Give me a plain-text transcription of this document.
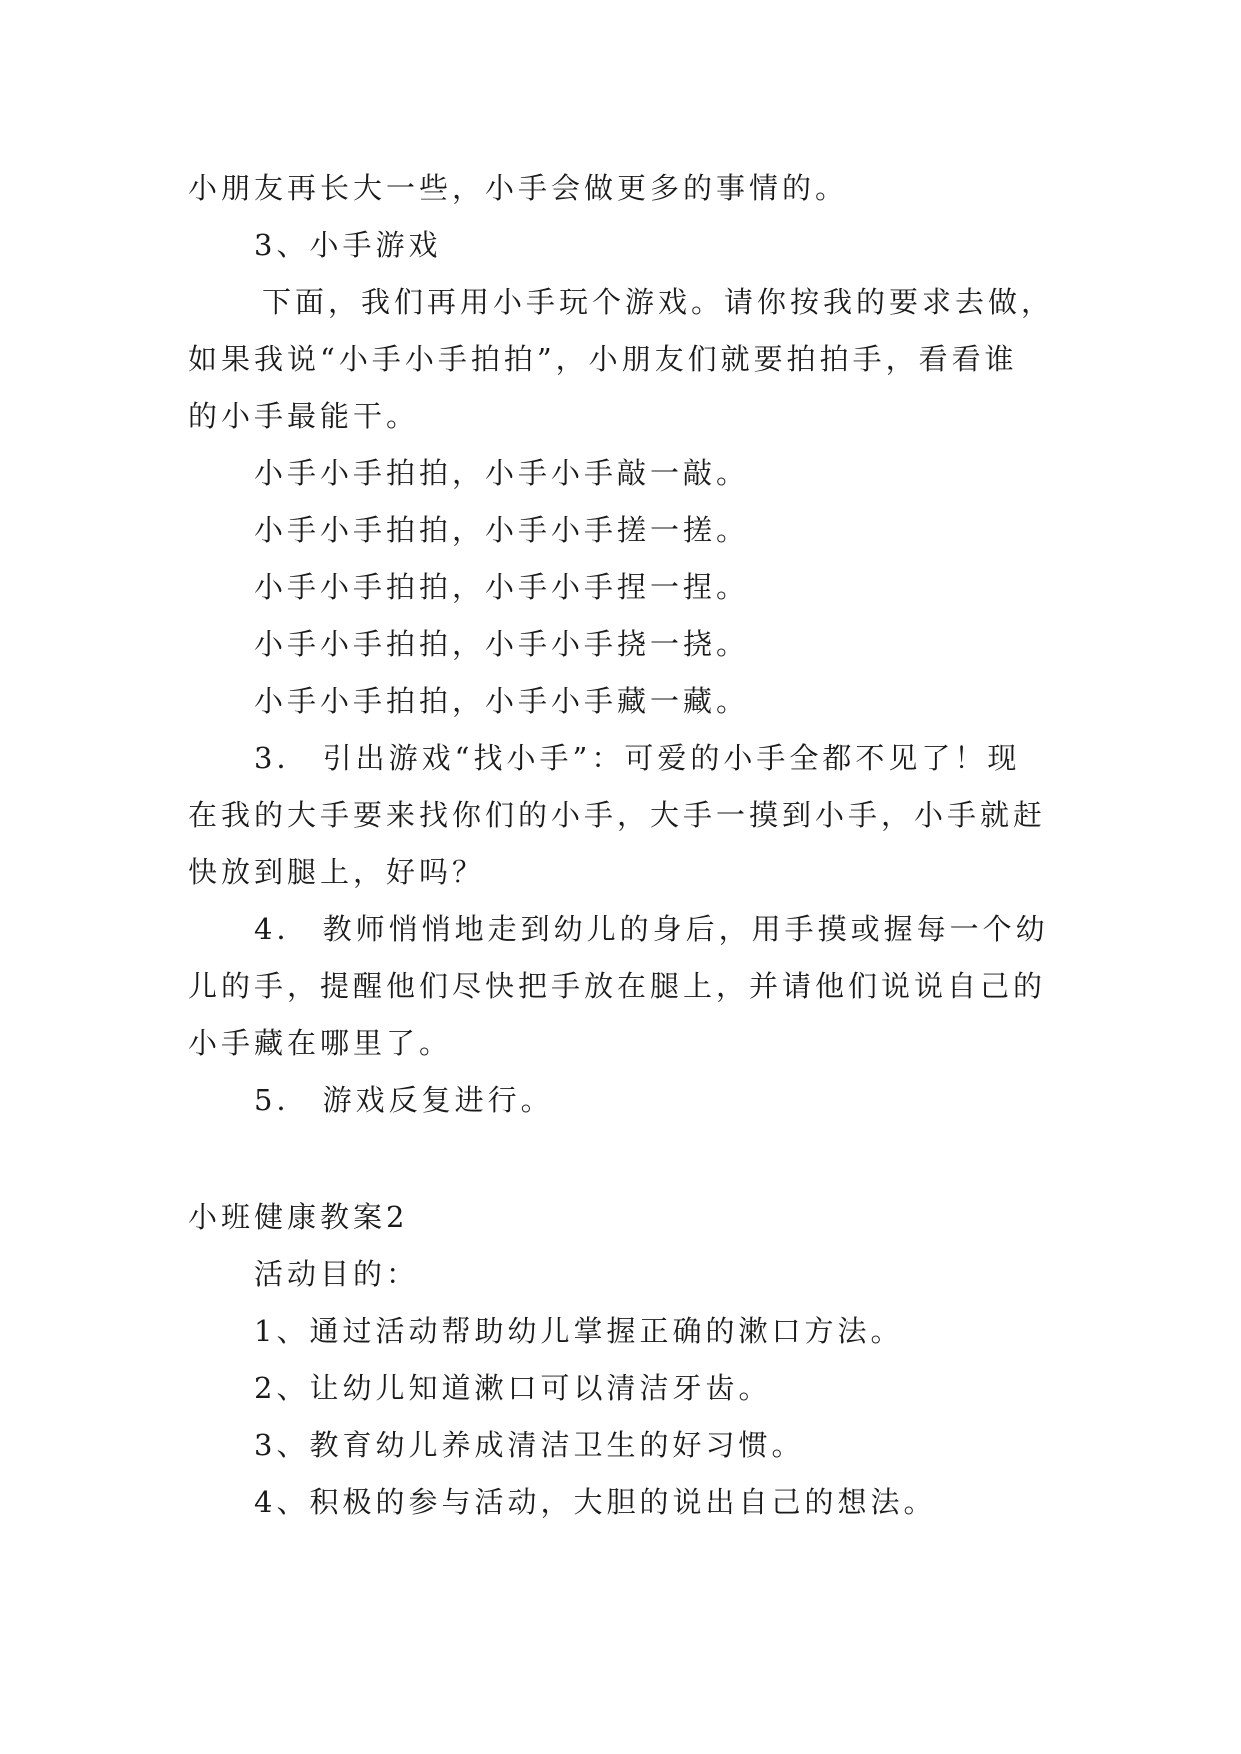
小朋友再长大一些，小手会做更多的事情的。
3、小手游戏
下面，我们再用小手玩个游戏。请你按我的要求去做，
如果我说“小手小手拍拍”，小朋友们就要拍拍手，看看谁
的小手最能干。
小手小手拍拍，小手小手敲一敲。
小手小手拍拍，小手小手搓一搓。
小手小手拍拍，小手小手捏一捏。
小手小手拍拍，小手小手挠一挠。
小手小手拍拍，小手小手藏一藏。
3． 引出游戏“找小手”：可爱的小手全都不见了！现
在我的大手要来找你们的小手，大手一摸到小手，小手就赶
快放到腿上，好吗？
4． 教师悄悄地走到幼儿的身后，用手摸或握每一个幼
儿的手，提醒他们尽快把手放在腿上，并请他们说说自己的
小手藏在哪里了。
5． 游戏反复进行。
小班健康教案2
活动目的：
1、通过活动帮助幼儿掌握正确的漱口方法。
2、让幼儿知道漱口可以清洁牙齿。
3、教育幼儿养成清洁卫生的好习惯。
4、积极的参与活动，大胆的说出自己的想法。
